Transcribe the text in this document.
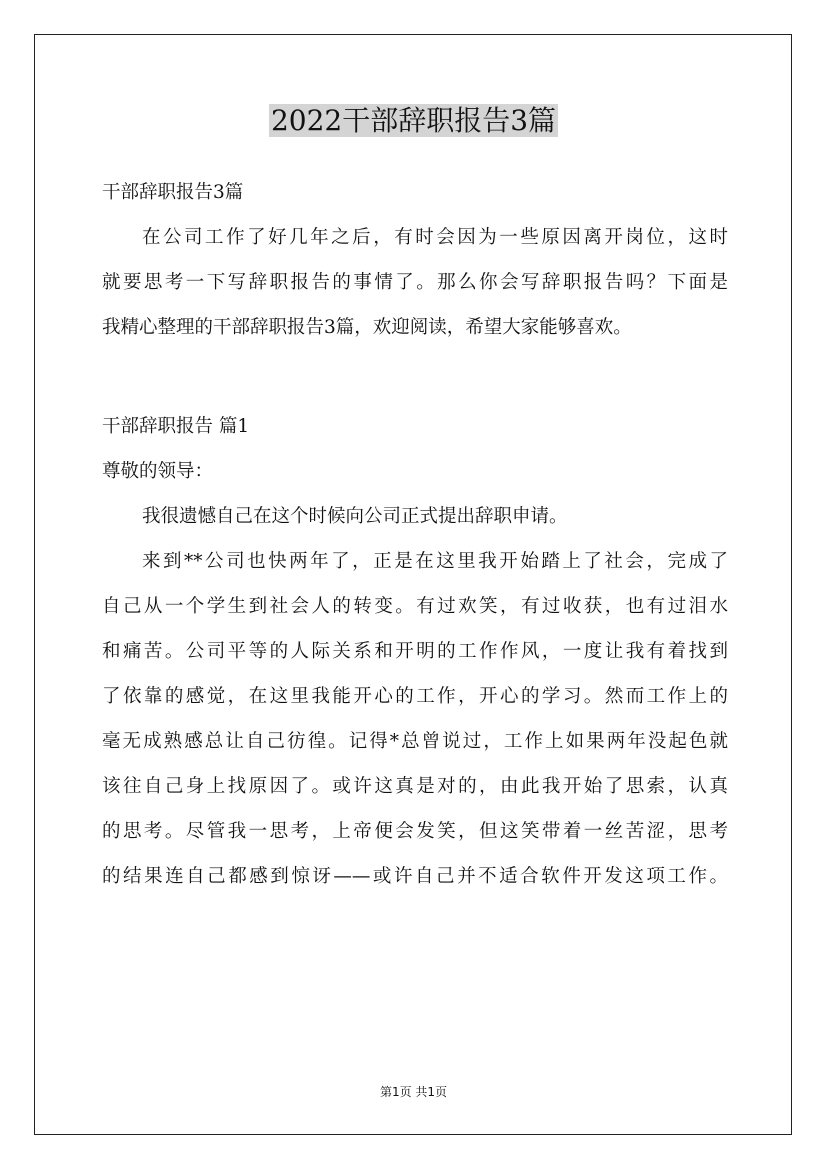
2022干部辞职报告3篇
干部辞职报告3篇
在公司工作了好几年之后，有时会因为一些原因离开岗位，这时
就要思考一下写辞职报告的事情了。那么你会写辞职报告吗？下面是
我精心整理的干部辞职报告3篇，欢迎阅读，希望大家能够喜欢。
干部辞职报告 篇1
尊敬的领导：
我很遗憾自己在这个时候向公司正式提出辞职申请。
来到**公司也快两年了，正是在这里我开始踏上了社会，完成了
自己从一个学生到社会人的转变。有过欢笑，有过收获，也有过泪水
和痛苦。公司平等的人际关系和开明的工作作风，一度让我有着找到
了依靠的感觉，在这里我能开心的工作，开心的学习。然而工作上的
毫无成熟感总让自己彷徨。记得*总曾说过，工作上如果两年没起色就
该往自己身上找原因了。或许这真是对的，由此我开始了思索，认真
的思考。尽管我一思考，上帝便会发笑，但这笑带着一丝苦涩，思考
的结果连自己都感到惊讶——或许自己并不适合软件开发这项工作。
第1页 共1页
